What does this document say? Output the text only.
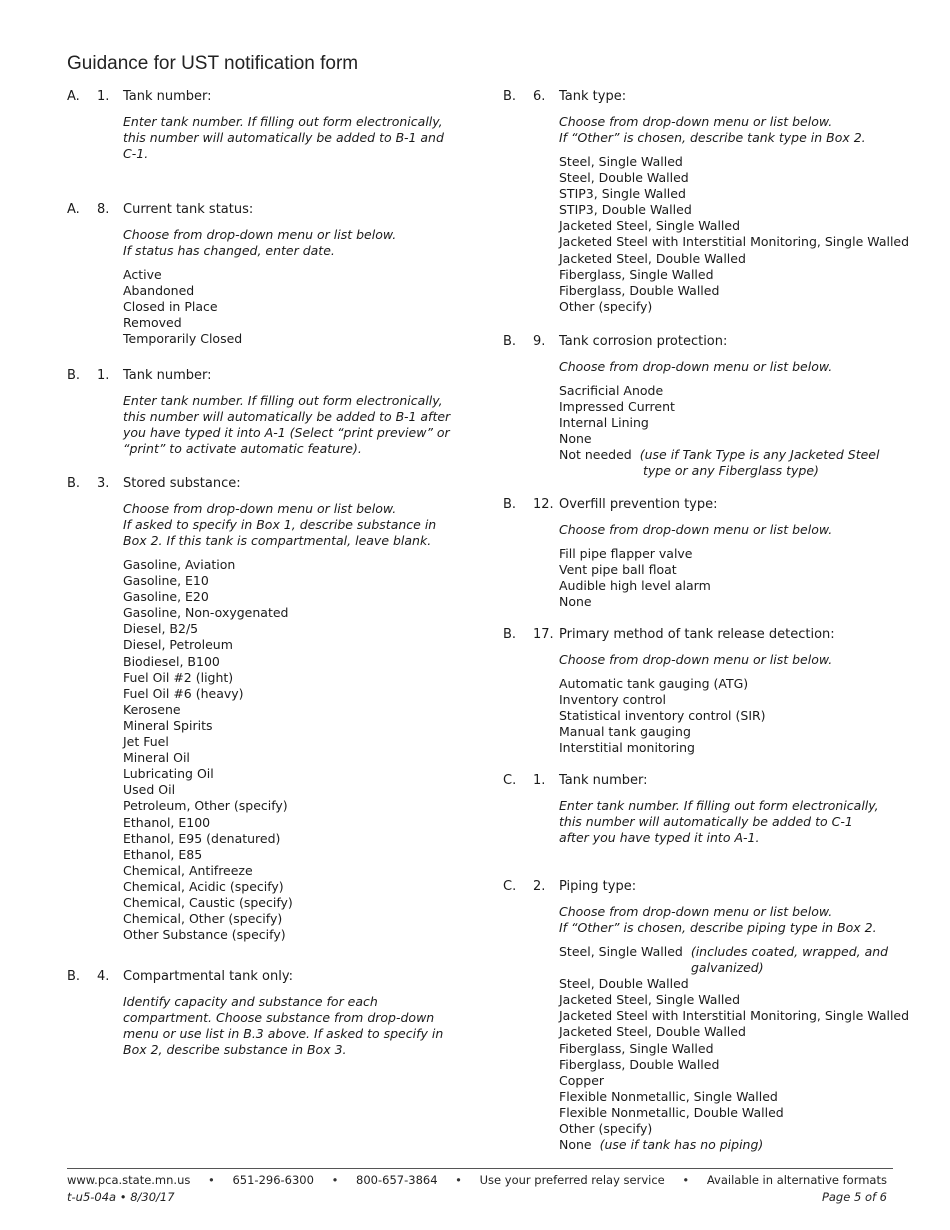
Guidance for UST notification form
A.	1.	Tank number:
Enter tank number. If filling out form electronically,
this number will automatically be added to B-1 and
C-1.
A.	8.	Current tank status:
Choose from drop-down menu or list below.
If status has changed, enter date.
Active
Abandoned
Closed in Place
Removed
Temporarily Closed
B.	1.	Tank number:
Enter tank number. If filling out form electronically,
this number will automatically be added to B-1 after
you have typed it into A-1 (Select “print preview” or
“print” to activate automatic feature).
B.	3.	Stored substance:
Choose from drop-down menu or list below.
If asked to specify in Box 1, describe substance in
Box 2. If this tank is compartmental, leave blank.
Gasoline, Aviation
Gasoline, E10
Gasoline, E20
Gasoline, Non-oxygenated
Diesel, B2/5
Diesel, Petroleum
Biodiesel, B100
Fuel Oil #2 (light)
Fuel Oil #6 (heavy)
Kerosene
Mineral Spirits
Jet Fuel
Mineral Oil
Lubricating Oil
Used Oil
Petroleum, Other (specify)
Ethanol, E100
Ethanol, E95 (denatured)
Ethanol, E85
Chemical, Antifreeze
Chemical, Acidic (specify)
Chemical, Caustic (specify)
Chemical, Other (specify)
Other Substance (specify)
B.	4.	Compartmental tank only:
Identify capacity and substance for each
compartment. Choose substance from drop-down
menu or use list in B.3 above. If asked to specify in
Box 2, describe substance in Box 3.
B.	6.	Tank type:
Choose from drop-down menu or list below.
If “Other” is chosen, describe tank type in Box 2.
Steel, Single Walled
Steel, Double Walled
STIP3, Single Walled
STIP3, Double Walled
Jacketed Steel, Single Walled
Jacketed Steel with Interstitial Monitoring, Single Walled
Jacketed Steel, Double Walled
Fiberglass, Single Walled
Fiberglass, Double Walled
Other (specify)
B.	9.	Tank corrosion protection:
Choose from drop-down menu or list below.
Sacrificial Anode
Impressed Current
Internal Lining
None
Not needed (use if Tank Type is any Jacketed Steel
type or any Fiberglass type)
B.	12. Overfill prevention type:
Choose from drop-down menu or list below.
Fill pipe flapper valve
Vent pipe ball float
Audible high level alarm
None
B.	17. Primary method of tank release detection:
Choose from drop-down menu or list below.
Automatic tank gauging (ATG)
Inventory control
Statistical inventory control (SIR)
Manual tank gauging
Interstitial monitoring
C.	1.	Tank number:
Enter tank number. If filling out form electronically,
this number will automatically be added to C-1
after you have typed it into A-1.
C.	2.	Piping type:
Choose from drop-down menu or list below.
If “Other” is chosen, describe piping type in Box 2.
Steel, Single Walled (includes coated, wrapped, and
galvanized)
Steel, Double Walled
Jacketed Steel, Single Walled
Jacketed Steel with Interstitial Monitoring, Single Walled
Jacketed Steel, Double Walled
Fiberglass, Single Walled
Fiberglass, Double Walled
Copper
Flexible Nonmetallic, Single Walled
Flexible Nonmetallic, Double Walled
Other (specify)
None (use if tank has no piping)
www.pca.state.mn.us • 651-296-6300 • 800-657-3864 • Use your preferred relay service • Available in alternative formats
t-u5-04a • 8/30/17	Page 5 of 6
